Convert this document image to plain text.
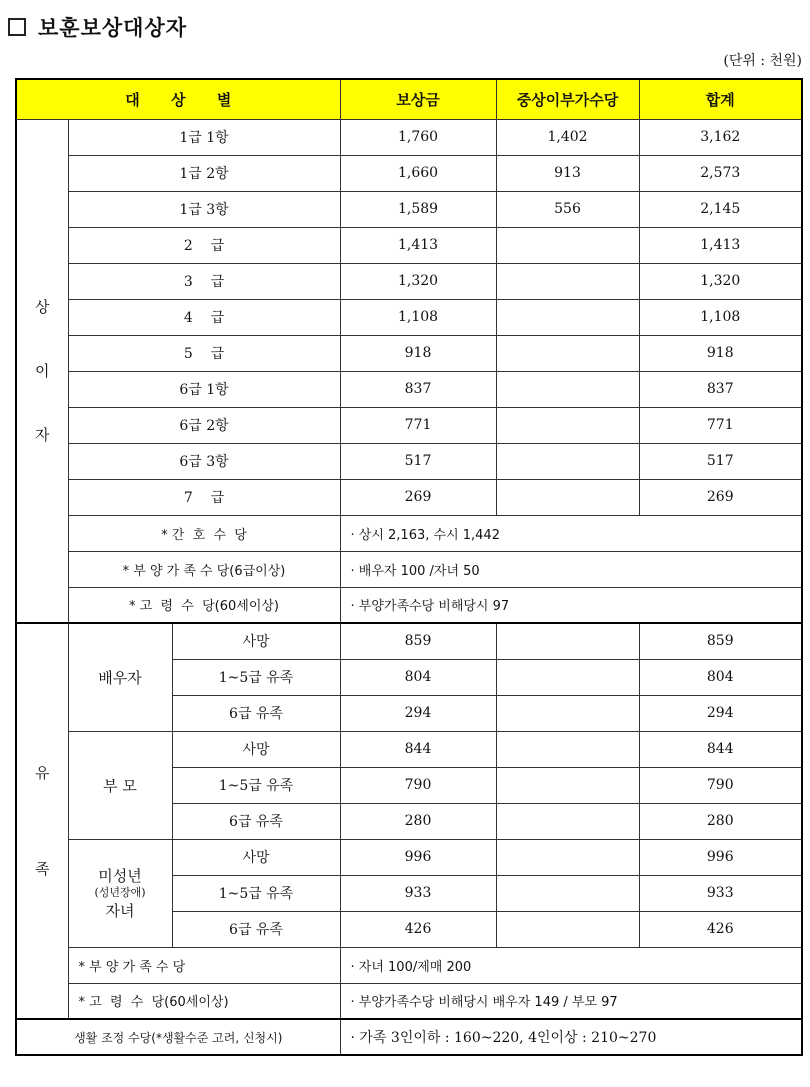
보훈보상대상자
(단위 : 천원)
대      상      별			보상금	중상이부가수당	합계
상
이
자	1급 1항		1,760	1,402	3,162
	1급 2항		1,660	913	2,573
	1급 3항		1,589	556	2,145
	2    급		1,413		1,413
	3    급		1,320		1,320
	4    급		1,108		1,108
	5    급		918		918
	6급 1항		837		837
	6급 2항		771		771
	6급 3항		517		517
	7    급		269		269
	* 간  호  수  당		· 상시 2,163, 수시 1,442		
	* 부 양 가 족 수 당(6급이상)		· 배우자 100 /자녀 50		
	* 고  령  수  당(60세이상)		· 부양가족수당 비해당시 97		
유

족	배우자	사망	859		859
		1~5급 유족	804		804
		6급 유족	294		294
	부 모	사망	844		844
		1~5급 유족	790		790
		6급 유족	280		280

	미성년
(성년장애)
자녀	사망	996		996
		1~5급 유족	933		933
		6급 유족	426		426
	* 부 양 가 족 수 당		· 자녀 100/제매 200		
	* 고  령  수  당(60세이상)		· 부양가족수당 비해당시 배우자 149 / 부모 97		
생활 조정 수당(*생활수준 고려, 신청시)			· 가족 3인이하 : 160~220, 4인이상 : 210~270		
